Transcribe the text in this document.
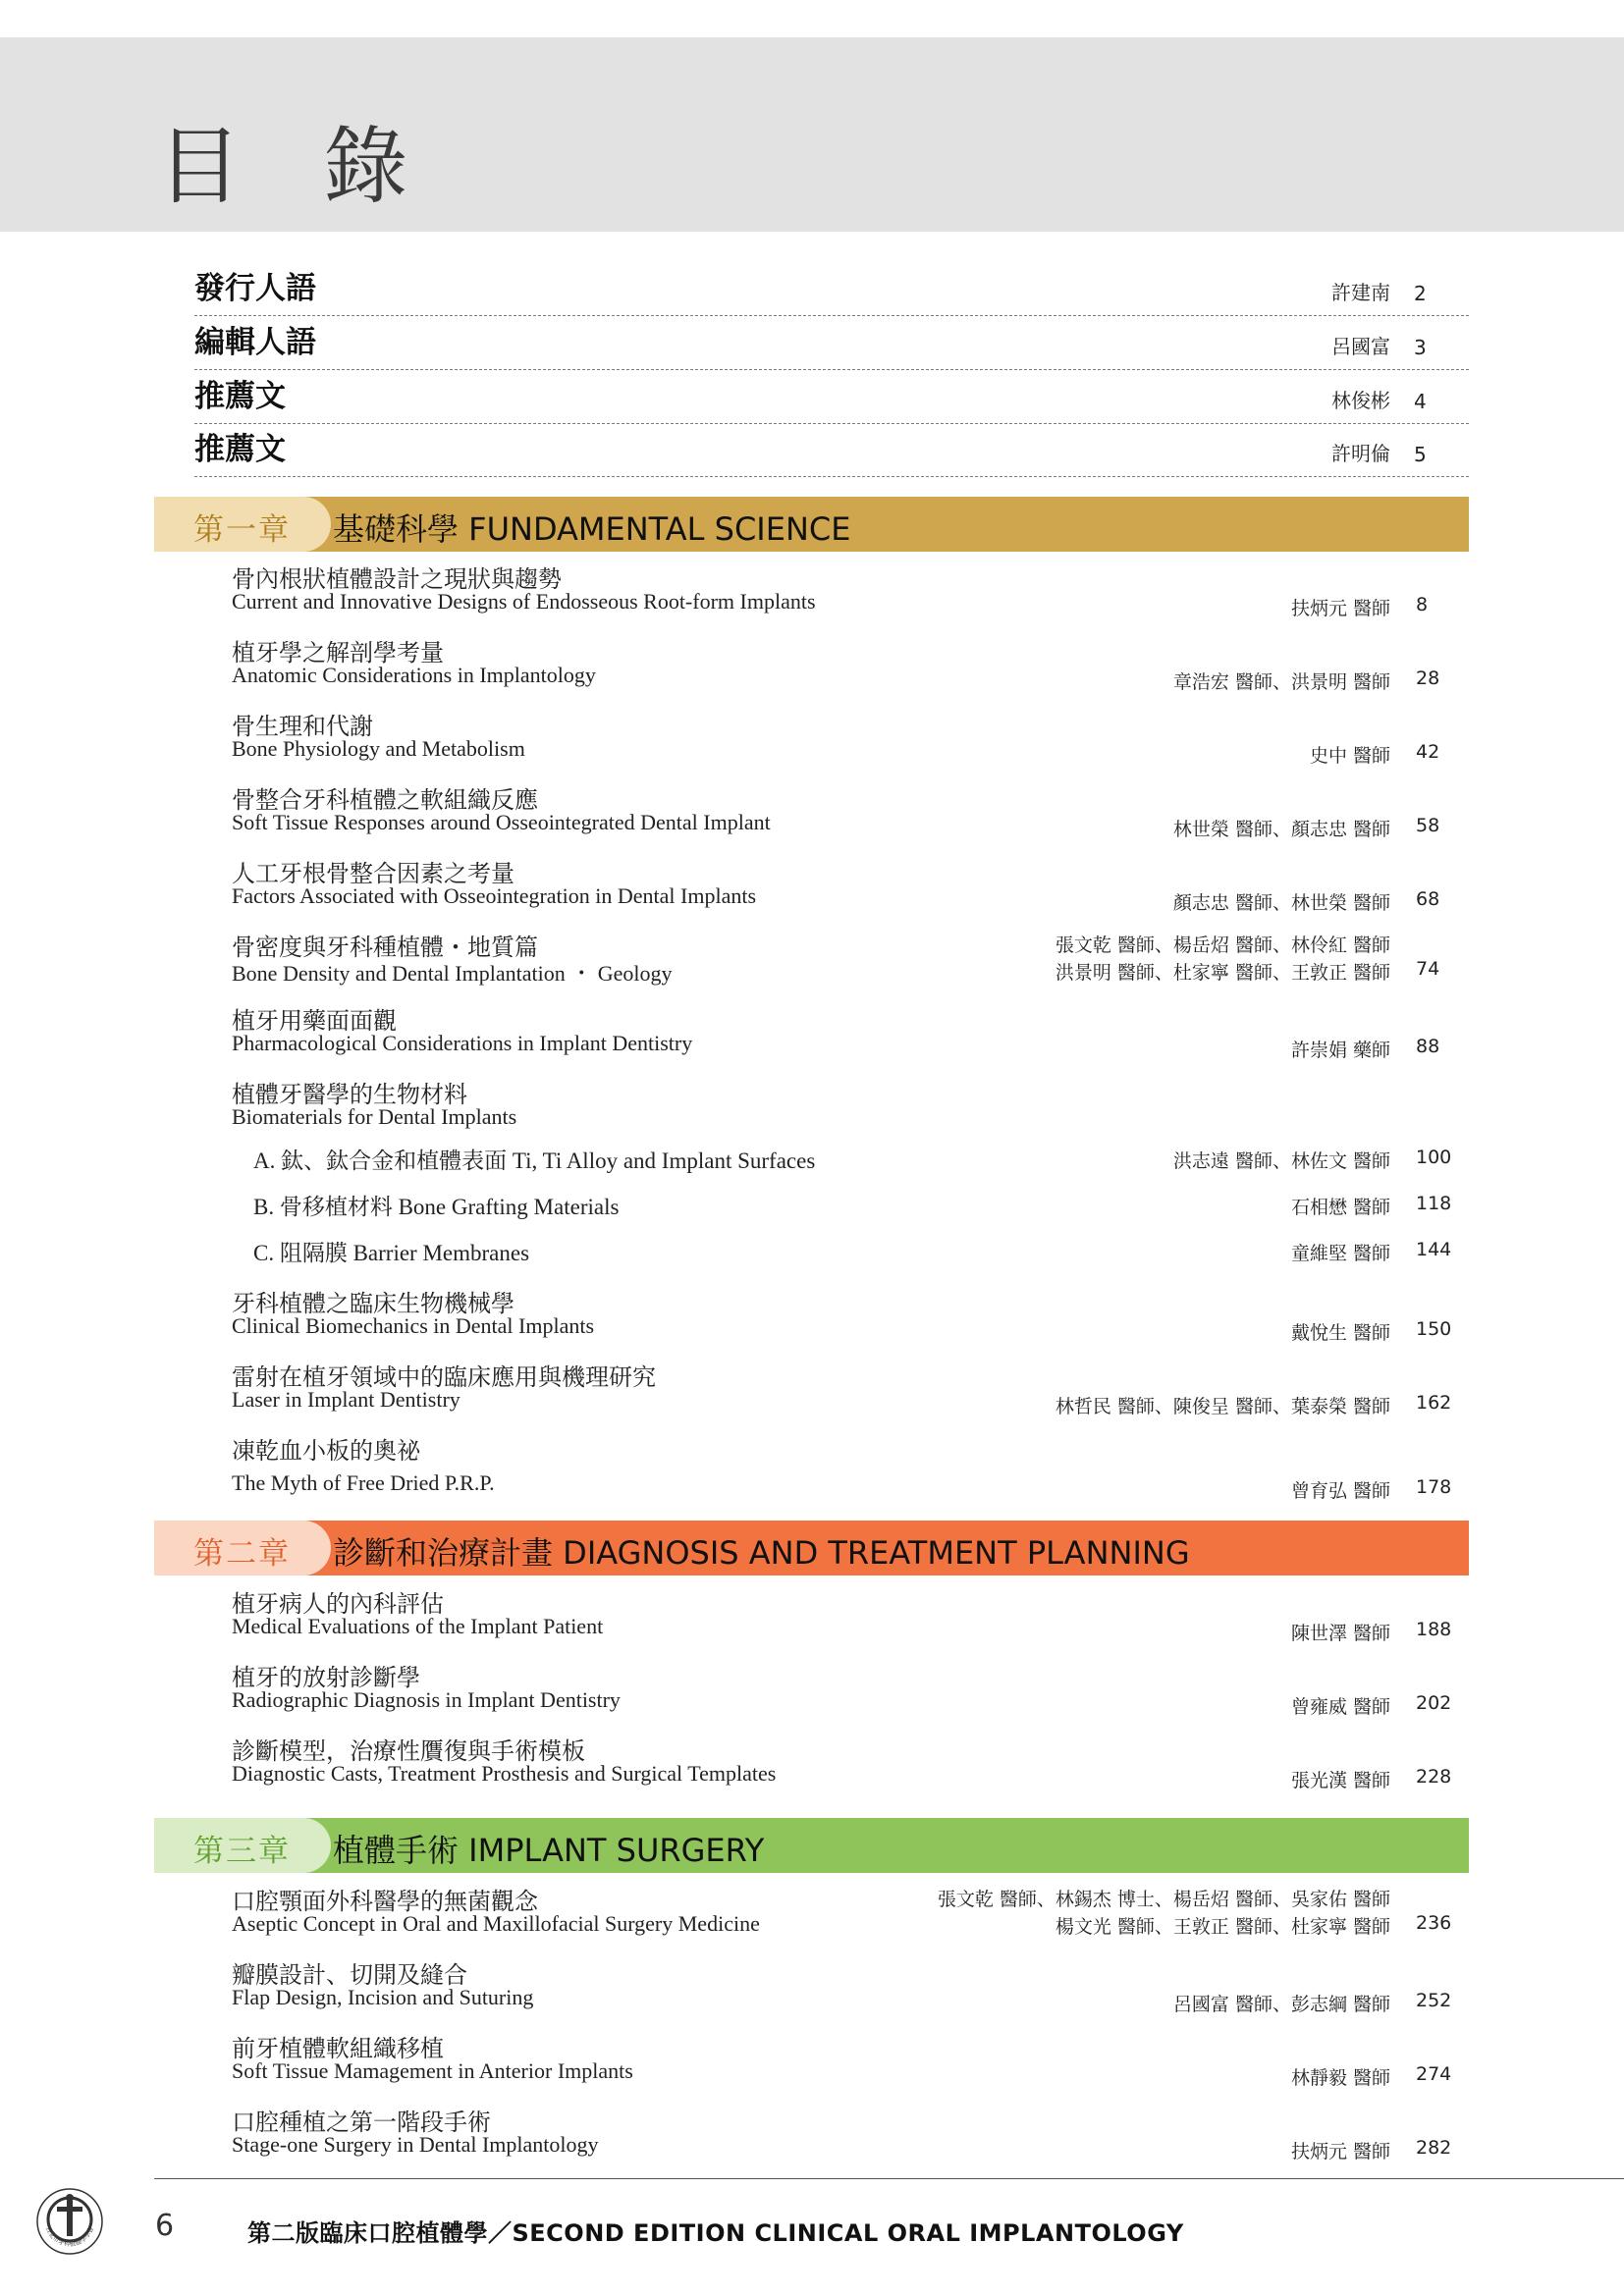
目 錄
發行人語	許建南 2
編輯人語	呂國富 3
推薦文	林俊彬 4
推薦文	許明倫 5
第一章 基礎科學 FUNDAMENTAL SCIENCE
骨內根狀植體設計之現狀與趨勢
Current and Innovative Designs of Endosseous Root-form Implants	扶炳元 醫師 8
植牙學之解剖學考量
Anatomic Considerations in Implantology	章浩宏 醫師、洪景明 醫師 28
骨生理和代謝
Bone Physiology and Metabolism	史中 醫師 42
骨整合牙科植體之軟組織反應
Soft Tissue Responses around Osseointegrated Dental Implant	林世榮 醫師、顏志忠 醫師 58
人工牙根骨整合因素之考量
Factors Associated with Osseointegration in Dental Implants	顏志忠 醫師、林世榮 醫師 68
骨密度與牙科種植體・地質篇
Bone Density and Dental Implantation ・ Geology
張文乾 醫師、楊岳炤 醫師、林伶紅 醫師
洪景明 醫師、杜家寧 醫師、王敦正 醫師 74
植牙用藥面面觀
Pharmacological Considerations in Implant Dentistry	許崇娟 藥師 88
植體牙醫學的生物材料
Biomaterials for Dental Implants
A. 鈦、鈦合金和植體表面 Ti, Ti Alloy and Implant Surfaces	洪志遠 醫師、林佐文 醫師 100
B. 骨移植材料 Bone Grafting Materials	石相懋 醫師 118
C. 阻隔膜 Barrier Membranes	童維堅 醫師 144
牙科植體之臨床生物機械學
Clinical Biomechanics in Dental Implants	戴悅生 醫師 150
雷射在植牙領域中的臨床應用與機理研究
Laser in Implant Dentistry	林哲民 醫師、陳俊呈 醫師、葉泰榮 醫師 162
凍乾血小板的奧祕
The Myth of Free Dried P.R.P.	曾育弘 醫師 178
第二章 診斷和治療計畫 DIAGNOSIS AND TREATMENT PLANNING
植牙病人的內科評估
Medical Evaluations of the Implant Patient	陳世澤 醫師 188
植牙的放射診斷學
Radiographic Diagnosis in Implant Dentistry	曾雍威 醫師 202
診斷模型，治療性贋復與手術模板
Diagnostic Casts, Treatment Prosthesis and Surgical Templates	張光漢 醫師 228
第三章 植體手術 IMPLANT SURGERY
口腔顎面外科醫學的無菌觀念
Aseptic Concept in Oral and Maxillofacial Surgery Medicine
張文乾 醫師、林錫杰 博士、楊岳炤 醫師、吳家佑 醫師
楊文光 醫師、王敦正 醫師、杜家寧 醫師 236
瓣膜設計、切開及縫合
Flap Design, Incision and Suturing	呂國富 醫師、彭志綱 醫師 252
前牙植體軟組織移植
Soft Tissue Mamagement in Anterior Implants	林靜毅 醫師 274
口腔種植之第一階段手術
Stage-one Surgery in Dental Implantology	扶炳元 醫師 282
台北市牙科植體學學會 6	第二版臨床口腔植體學／SECOND EDITION CLINICAL ORAL IMPLANTOLOGY
